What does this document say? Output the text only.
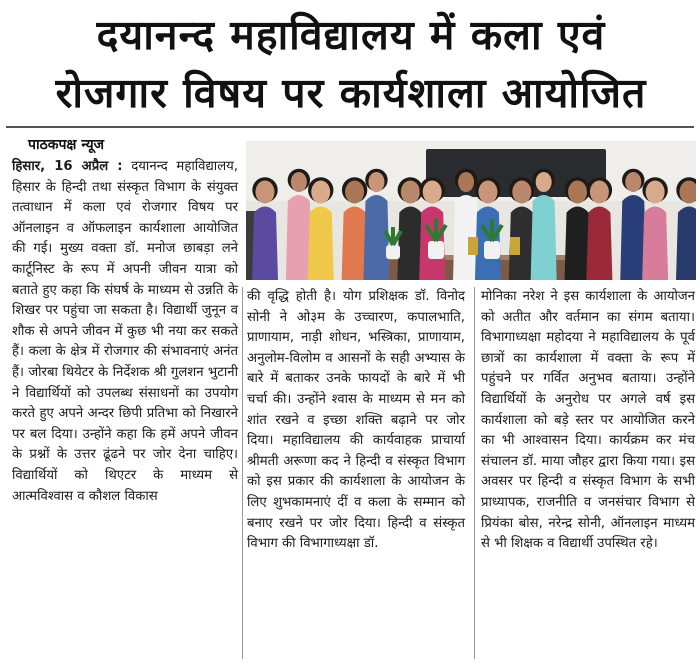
दयानन्द महाविद्यालय में कला एवं
रोजगार विषय पर कार्यशाला आयोजित
पाठकपक्ष न्यूज
हिसार, 16 अप्रैल : दयानन्द महाविद्यालय, हिसार के हिन्दी तथा संस्कृत विभाग के संयुक्त तत्वाधान में कला एवं रोजगार विषय पर ऑनलाइन व ऑफलाइन कार्यशाला आयोजित की गई। मुख्य वक्ता डॉ. मनोज छाबड़ा लने कार्टूनिस्ट के रूप में अपनी जीवन यात्रा को बताते हुए कहा कि संघर्ष के माध्यम से उन्नति के शिखर पर पहुंचा जा सकता है। विद्यार्थी जुनून व शौक से अपने जीवन में कुछ भी नया कर सकते हैं। कला के क्षेत्र में रोजगार की संभावनाएं अनंत हैं। जोरबा थियेटर के निर्देशक श्री गुलशन भुटानी ने विद्यार्थियों को उपलब्ध संसाधनों का उपयोग करते हुए अपने अन्दर छिपी प्रतिभा को निखारने पर बल दिया। उन्होंने कहा कि हमें अपने जीवन के प्रश्नों के उत्तर ढूंढने पर जोर देना चाहिए। विद्यार्थियों को थिएटर के माध्यम से आत्मविश्वास व कौशल विकास
की वृद्धि होती है। योग प्रशिक्षक डॉ. विनोद सोनी ने ओ३म के उच्चारण, कपालभाति, प्राणायाम, नाड़ी शोधन, भस्त्रिका, प्राणायाम, अनुलोम-विलोम व आसनों के सही अभ्यास के बारे में बताकर उनके फायदों के बारे में भी चर्चा की। उन्होंने श्वास के माध्यम से मन को शांत रखने व इच्छा शक्ति बढ़ाने पर जोर दिया। महाविद्यालय की कार्यवाहक प्राचार्या श्रीमती अरूणा कद ने हिन्दी व संस्कृत विभाग को इस प्रकार की कार्यशाला के आयोजन के लिए शुभकामनाएं दीं व कला के सम्मान को बनाए रखने पर जोर दिया। हिन्दी व संस्कृत विभाग की विभागाध्यक्षा डॉ.
मोनिका नरेश ने इस कार्यशाला के आयोजन को अतीत और वर्तमान का संगम बताया। विभागाध्यक्षा महोदया ने महाविद्यालय के पूर्व छात्रों का कार्यशाला में वक्ता के रूप में पहुंचने पर गर्वित अनुभव बताया। उन्होंने विद्यार्थियों के अनुरोध पर अगले वर्ष इस कार्यशाला को बड़े स्तर पर आयोजित करने का भी आश्वासन दिया। कार्यक्रम कर मंच संचालन डॉ. माया जौहर द्वारा किया गया। इस अवसर पर हिन्दी व संस्कृत विभाग के सभी प्राध्यापक, राजनीति व जनसंचार विभाग से प्रियंका बोस, नरेन्द्र सोनी, ऑनलाइन माध्यम से भी शिक्षक व विद्यार्थी उपस्थित रहे।
